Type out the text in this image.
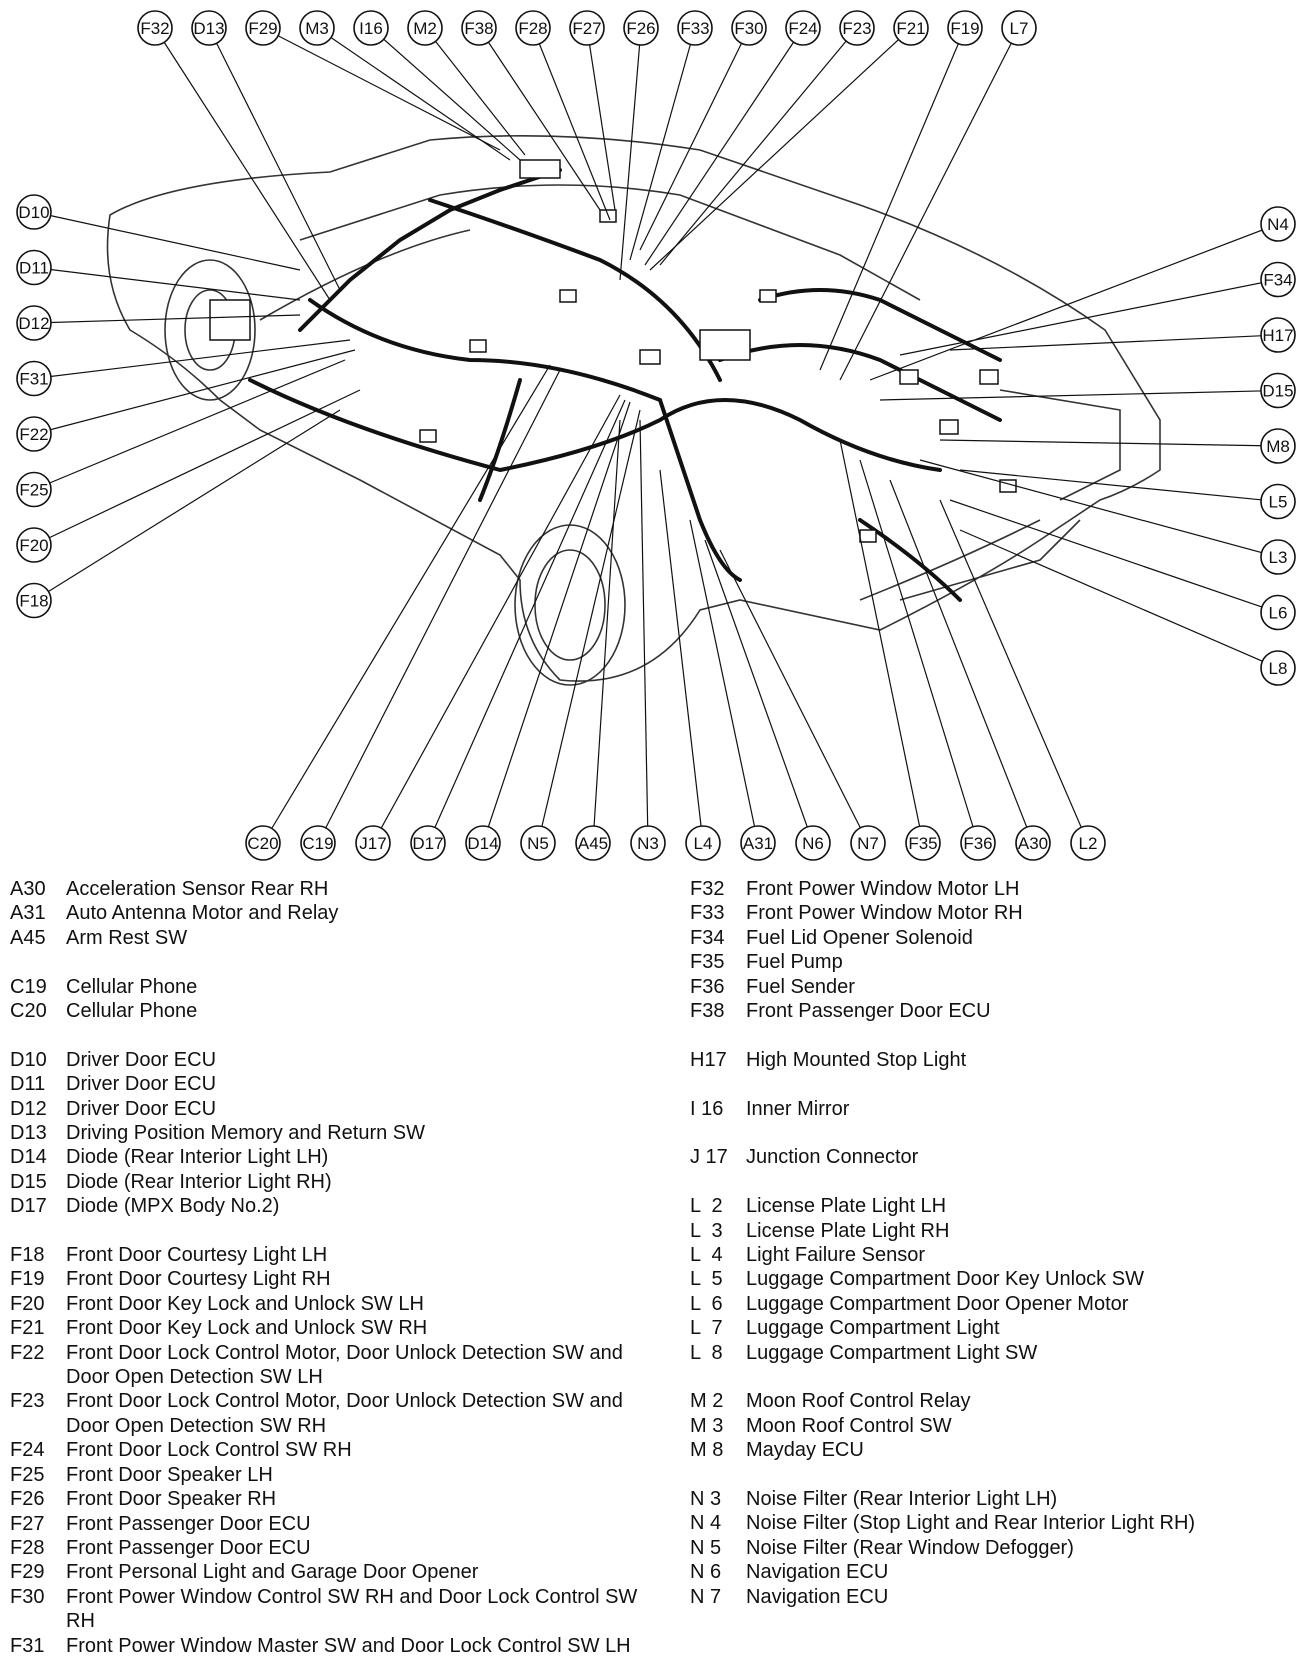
F32 D13 F29 M3 I16 M2 F38 F28 F27 F26 F33 F30 F24 F23 F21 F19 L7
D10
D11
D12
F31
F22
F25
F20
F18
N4
F34
H17
D15
M8
L5
L3
L6
L8
C20 C19 J17 D17 D14 N5 A45 N3 L4 A31 N6 N7 F35 F36 A30 L2
A30	Acceleration Sensor Rear RH
A31	Auto Antenna Motor and Relay
A45	Arm Rest SW
C19 Cellular Phone
C20 Cellular Phone
D10 Driver Door ECU
D11	Driver Door ECU
D12 Driver Door ECU
D13 Driving Position Memory and Return SW
D14 Diode (Rear Interior Light LH)
D15 Diode (Rear Interior Light RH)
D17 Diode (MPX Body No.2)
F18	Front Door Courtesy Light LH
F19	Front Door Courtesy Light RH
F20	Front Door Key Lock and Unlock SW LH
F21	Front Door Key Lock and Unlock SW RH
F22	Front Door Lock Control Motor, Door Unlock Detection SW and Door Open Detection SW LH
F23	Front Door Lock Control Motor, Door Unlock Detection SW and Door Open Detection SW RH
F24	Front Door Lock Control SW RH
F25	Front Door Speaker LH
F26	Front Door Speaker RH
F27	Front Passenger Door ECU
F28	Front Passenger Door ECU
F29	Front Personal Light and Garage Door Opener
F30	Front Power Window Control SW RH and Door Lock Control SW RH
F31	Front Power Window Master SW and Door Lock Control SW LH
F32	Front Power Window Motor LH
F33	Front Power Window Motor RH
F34	Fuel Lid Opener Solenoid
F35	Fuel Pump
F36	Fuel Sender
F38	Front Passenger Door ECU
H17 High Mounted Stop Light
I 16	Inner Mirror
J 17 Junction Connector
L  2	License Plate Light LH
L  3	License Plate Light RH
L  4	Light Failure Sensor
L  5	Luggage Compartment Door Key Unlock SW
L  6	Luggage Compartment Door Opener Motor
L  7	Luggage Compartment Light
L  8	Luggage Compartment Light SW
M 2	Moon Roof Control Relay
M 3	Moon Roof Control SW
M 8	Mayday ECU
N 3	Noise Filter (Rear Interior Light LH)
N 4	Noise Filter (Stop Light and Rear Interior Light RH)
N 5	Noise Filter (Rear Window Defogger)
N 6	Navigation ECU
N 7	Navigation ECU
